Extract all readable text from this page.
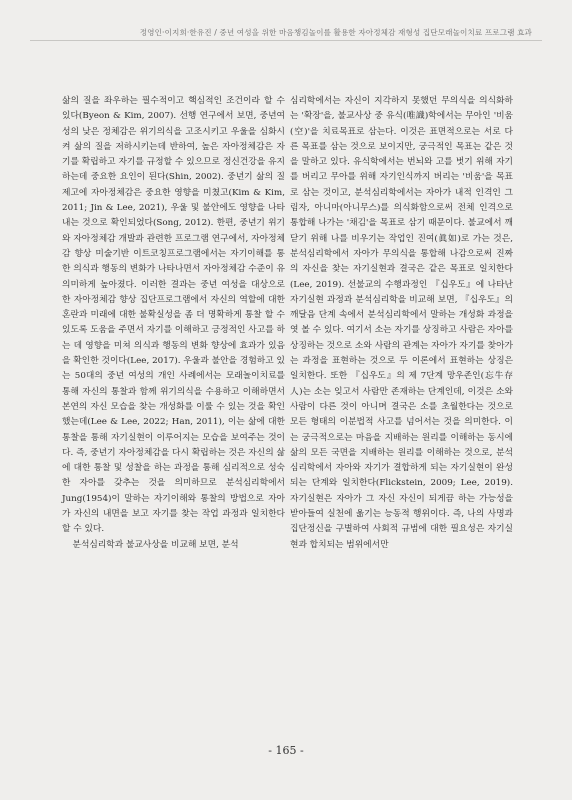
정영인·이지희·한유진 / 중년 여성을 위한 마음챙김놀이를 활용한 자아정체감 재형성 집단모래놀이치료 프로그램 효과

삶의 질을 좌우하는 필수적이고 핵심적인 조건이라 할 수 있다(Byeon & Kim, 2007). 선행 연구에서 보면, 중년여성의 낮은 정체감은 위기의식을 고조시키고 우울을 심화시켜 삶의 질을 저하시키는데 반하여, 높은 자아정체감은 자기를 확립하고 자기를 규정할 수 있으므로 정신건강을 유지하는데 중요한 요인이 된다(Shin, 2002). 중년기 삶의 질 제고에 자아정체감은 중요한 영향을 미쳤고(Kim & Kim, 2011; Jin & Lee, 2021), 우울 및 불안에도 영향을 나타내는 것으로 확인되었다(Song, 2012). 한편, 중년기 위기와 자아정체감 개발과 관련한 프로그램 연구에서, 자아정체감 향상 미술기반 이트코칭프로그램에서는 자기이해를 통한 의식과 행동의 변화가 나타나면서 자아정체감 수준이 유의미하게 높아졌다. 이러한 결과는 중년 여성을 대상으로 한 자아정체감 향상 집단프로그램에서 자신의 역할에 대한 혼란과 미래에 대한 불확실성을 좀 더 명확하게 통찰 할 수 있도록 도움을 주면서 자기를 이해하고 긍정적인 사고를 하는 데 영향을 미쳐 의식과 행동의 변화 향상에 효과가 있음을 확인한 것이다(Lee, 2017). 우울과 불안을 경험하고 있는 50대의 중년 여성의 개인 사례에서는 모래놀이치료를 통해 자신의 통찰과 함께 위기의식을 수용하고 이해하면서 본연의 자신 모습을 찾는 개성화를 이룰 수 있는 것을 확인했는데(Lee & Lee, 2022; Han, 2011), 이는 삶에 대한 통찰을 통해 자기실현이 이루어지는 모습을 보여주는 것이다. 즉, 중년기 자아정체감을 다시 확립하는 것은 자신의 삶에 대한 통찰 및 성찰을 하는 과정을 통해 심리적으로 성숙한 자아를 갖추는 것을 의미하므로 분석심리학에서 Jung(1954)이 말하는 자기이해와 통찰의 방법으로 자아가 자신의 내면을 보고 자기를 찾는 작업 과정과 일치한다 할 수 있다.

분석심리학과 불교사상을 비교해 보면, 분석

심리학에서는 자신이 지각하지 못했던 무의식을 의식화하는 '확장'을, 불교사상 중 유식(唯識)학에서는 무아인 '비움(空)'을 치료목표로 삼는다. 이것은 표면적으로는 서로 다른 목표를 삼는 것으로 보이지만, 궁극적인 목표는 같은 것을 말하고 있다. 유식학에서는 번뇌와 고를 벗기 위해 자기를 버리고 무아를 위해 자기인식까지 버리는 '비움'을 목표로 삼는 것이고, 분석심리학에서는 자아가 내적 인격인 그림자, 아니마(아니무스)를 의식화함으로써 전체 인격으로 통합해 나가는 '채김'을 목표로 삼기 때문이다. 불교에서 깨닫기 위해 나를 비우기는 작업인 진여(眞如)로 가는 것은, 분석심리학에서 자아가 무의식을 통합해 나감으로써 진짜의 자신을 찾는 자기실현과 결국은 같은 목표로 일치한다(Lee, 2019). 선불교의 수행과정인 『십우도』에 나타난 자기실현 과정과 분석심리학을 비교해 보면, 『십우도』의 깨달음 단계 속에서 분석심리학에서 말하는 개성화 과정을 엿 볼 수 있다. 여기서 소는 자기를 상징하고 사람은 자아를 상징하는 것으로 소와 사람의 관계는 자아가 자기를 찾아가는 과정을 표현하는 것으로 두 이론에서 표현하는 상징은 일치한다. 또한 『십우도』의 제 7단계 망우존인(忘牛存人)는 소는 잊고서 사람만 존재하는 단계인데, 이것은 소와 사람이 다른 것이 아니며 결국은 소를 초월한다는 것으로 모든 형태의 이분법적 사고를 넘어서는 것을 의미한다. 이는 궁극적으로는 마음을 지배하는 원리를 이해하는 동시에 삶의 모든 국면을 지배하는 원리를 이해하는 것으로, 분석심리학에서 자아와 자기가 결합하게 되는 자기실현이 완성되는 단계와 일치한다(Flickstein, 2009; Lee, 2019). 자기실현은 자아가 그 자신 자신이 되게끔 하는 가능성을 받아들여 실천에 옮기는 능동적 행위이다. 즉, 나의 사명과 집단정신을 구별하여 사회적 규범에 대한 필요성은 자기실현과 합치되는 범위에서만

- 165 -
